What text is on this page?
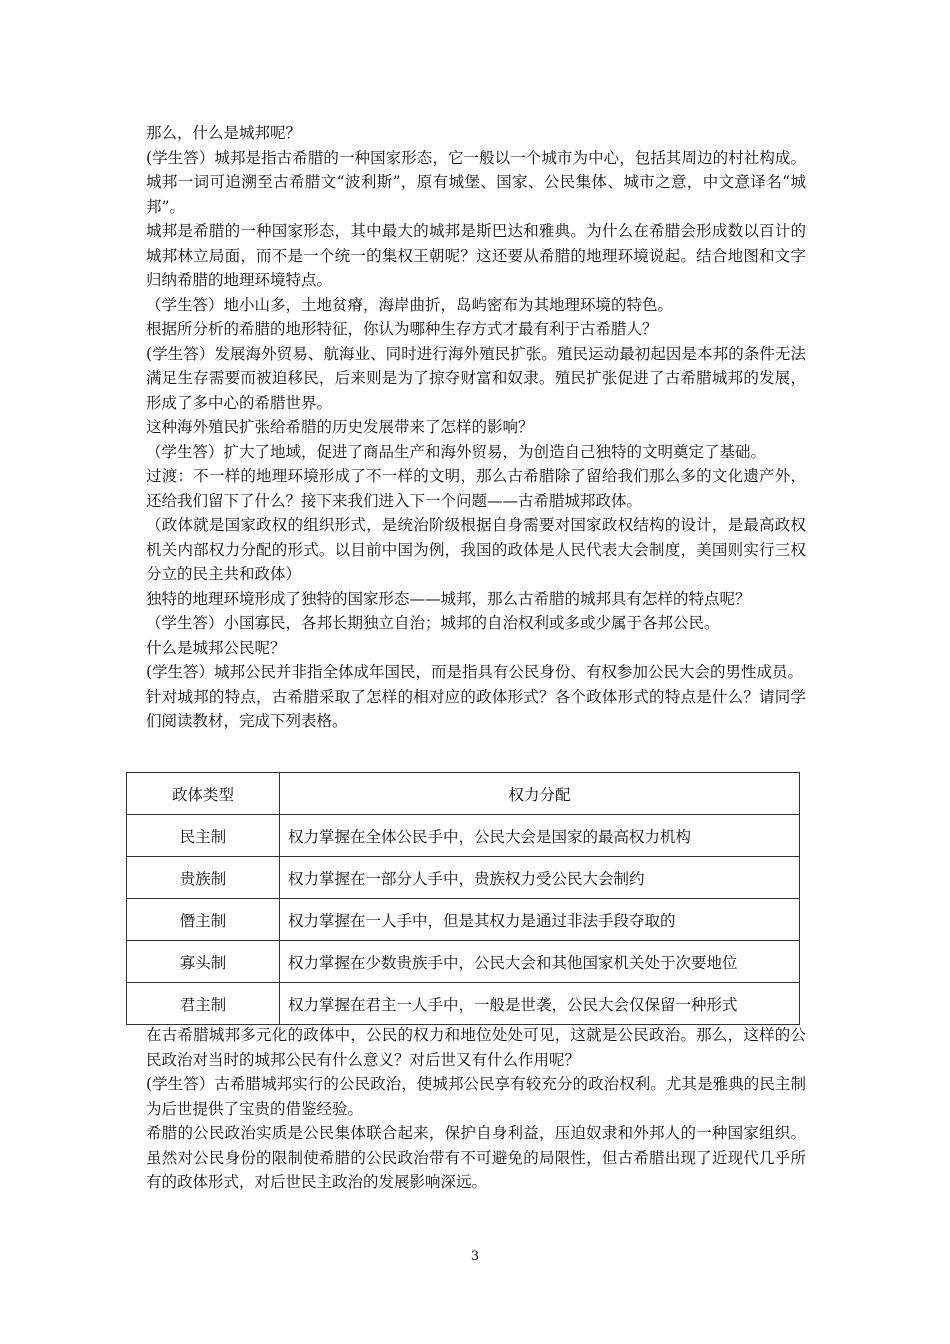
那么，什么是城邦呢？

(学生答）城邦是指古希腊的一种国家形态，它一般以一个城市为中心，包括其周边的村社构成。 城邦一词可追溯至古希腊文“波利斯”，原有城堡、国家、公民集体、城市之意，中文意译名“城邦”。

城邦是希腊的一种国家形态，其中最大的城邦是斯巴达和雅典。为什么在希腊会形成数以百计的城邦林立局面，而不是一个统一的集权王朝呢？这还要从希腊的地理环境说起。结合地图和文字归纳希腊的地理环境特点。

（学生答）地小山多，土地贫瘠，海岸曲折，岛屿密布为其地理环境的特色。

根据所分析的希腊的地形特征，你认为哪种生存方式才最有利于古希腊人？

(学生答）发展海外贸易、航海业、同时进行海外殖民扩张。殖民运动最初起因是本邦的条件无法满足生存需要而被迫移民，后来则是为了掠夺财富和奴隶。殖民扩张促进了古希腊城邦的发展，形成了多中心的希腊世界。

这种海外殖民扩张给希腊的历史发展带来了怎样的影响？

（学生答）扩大了地域，促进了商品生产和海外贸易，为创造自己独特的文明奠定了基础。

过渡：不一样的地理环境形成了不一样的文明，那么古希腊除了留给我们那么多的文化遗产外，还给我们留下了什么？接下来我们进入下一个问题——古希腊城邦政体。

（政体就是国家政权的组织形式，是统治阶级根据自身需要对国家政权结构的设计，是最高政权机关内部权力分配的形式。以目前中国为例，我国的政体是人民代表大会制度，美国则实行三权分立的民主共和政体）

独特的地理环境形成了独特的国家形态——城邦，那么古希腊的城邦具有怎样的特点呢？

（学生答）小国寡民，各邦长期独立自治；城邦的自治权利或多或少属于各邦公民。

什么是城邦公民呢？

(学生答）城邦公民并非指全体成年国民，而是指具有公民身份、有权参加公民大会的男性成员。

针对城邦的特点，古希腊采取了怎样的相对应的政体形式？各个政体形式的特点是什么？请同学们阅读教材，完成下列表格。

政体类型	权力分配
民主制	权力掌握在全体公民手中，公民大会是国家的最高权力机构
贵族制	权力掌握在一部分人手中，贵族权力受公民大会制约
僭主制	权力掌握在一人手中，但是其权力是通过非法手段夺取的
寡头制	权力掌握在少数贵族手中，公民大会和其他国家机关处于次要地位
君主制	权力掌握在君主一人手中，一般是世袭，公民大会仅保留一种形式

在古希腊城邦多元化的政体中，公民的权力和地位处处可见，这就是公民政治。那么，这样的公民政治对当时的城邦公民有什么意义？对后世又有什么作用呢？

(学生答）古希腊城邦实行的公民政治，使城邦公民享有较充分的政治权利。尤其是雅典的民主制为后世提供了宝贵的借鉴经验。

希腊的公民政治实质是公民集体联合起来，保护自身利益，压迫奴隶和外邦人的一种国家组织。虽然对公民身份的限制使希腊的公民政治带有不可避免的局限性，但古希腊出现了近现代几乎所有的政体形式，对后世民主政治的发展影响深远。

3
